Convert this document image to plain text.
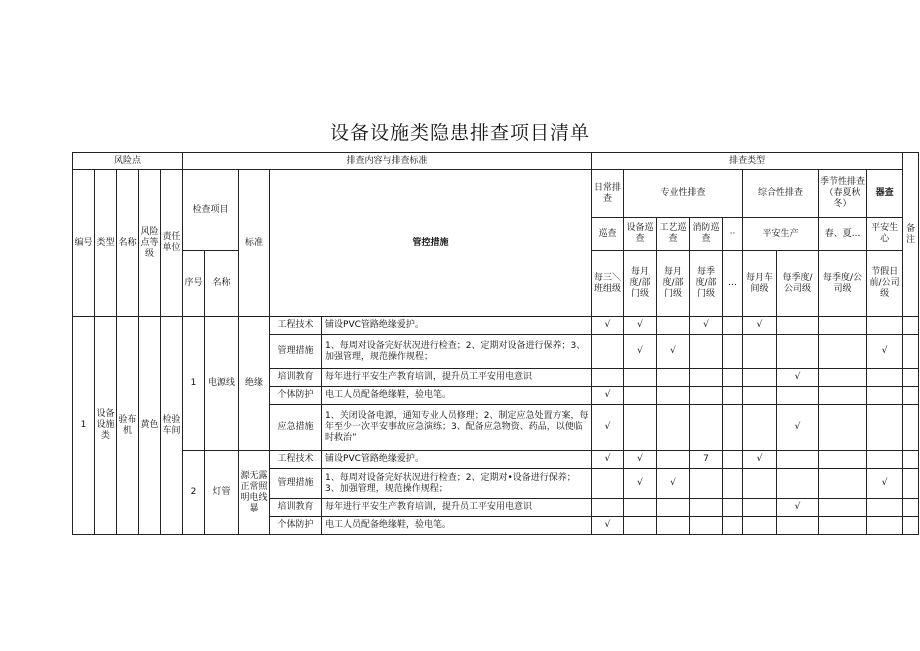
设备设施类隐患排查项目清单
风险点					排查内容与排查标准					排查类型									备注
编号	类型	名称	风险点等级	责任单位	检查项目		标准	管控措施		日常排查	专业性排查				综合性排查		季节性排查（春夏秋冬）	器查	
										巡查	设备巡查	工艺巡查	消防巡查	··	平安生产		春、夏...	平安生心	
					序号	名称				每三＼班组级	每月度/部门级	每月度/部门级	每季度/部门级	…	每月车间级	每季度/公司级	每季度/公司级	节假日前/公司级	
1	设备设施类	验布机	黄色	检验车间	1	电源线	绝缘	工程技术	铺设PVC管路绝缘爱护。	√	√		√		√				
								管理措施	1、每周对设备完好状况进行检查；2、定期对设备进行保养；3、加强管理，规范操作规程；		√	√						√	
								培训教育	每年进行平安生产教育培训，提升员工平安用电意识							√			
								个体防护	电工人员配备绝缘鞋，验电笔。	√									
								应急措施	1、关闭设备电源，通知专业人员修理；2、制定应急处置方案，每年至少一次平安事故应急演练；3、配备应急物资、药品，以便临时救治”	√						√			
					2	灯管	源无露正常照明电线暴	工程技术	铺设PVC管路绝缘爱护。	√	√		7		√				
								管理措施	1、每周对设备完好状况进行检查；2、定期对•设备进行保养；3、加强管理，规范操作规程；		√	√						√	
								培训教育	每年进行平安生产教育培训，提升员工平安用电意识							√			
								个体防护	电工人员配备绝缘鞋，验电笔。	√									
